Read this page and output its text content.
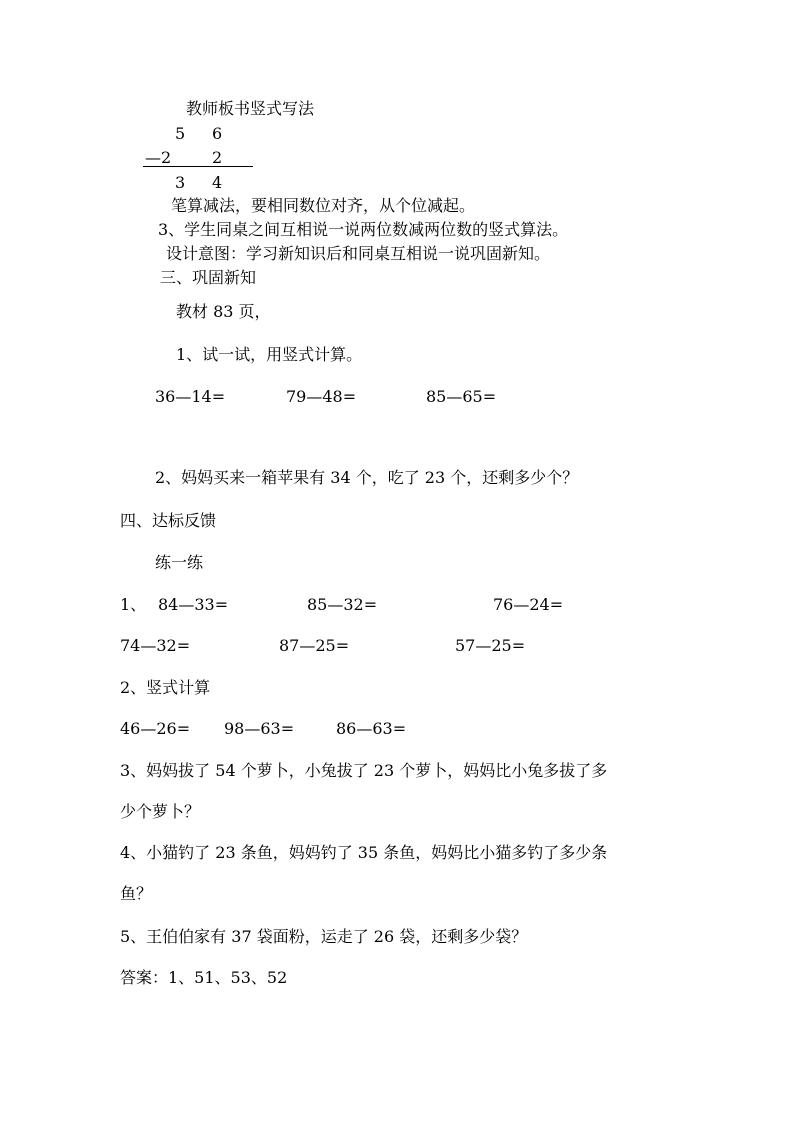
教师板书竖式写法
5 6
—2	2
3 4
笔算减法，要相同数位对齐，从个位减起。
3、学生同桌之间互相说一说两位数减两位数的竖式算法。
设计意图：学习新知识后和同桌互相说一说巩固新知。
三、巩固新知
教材 83 页，
1、试一试，用竖式计算。
36—14=	79—48=	85—65=
2、妈妈买来一箱苹果有 34 个，吃了 23 个，还剩多少个？
四、达标反馈
练一练
1、 84—33=	85—32=	76—24=
74—32=	87—25=	57—25=
2、竖式计算
46—26= 98—63=	86—63=
3、妈妈拔了 54 个萝卜，小兔拔了 23 个萝卜，妈妈比小兔多拔了多
少个萝卜？
4、小猫钓了 23 条鱼，妈妈钓了 35 条鱼，妈妈比小猫多钓了多少条
鱼？
5、王伯伯家有 37 袋面粉，运走了 26 袋，还剩多少袋？
答案：1、51、53、52
